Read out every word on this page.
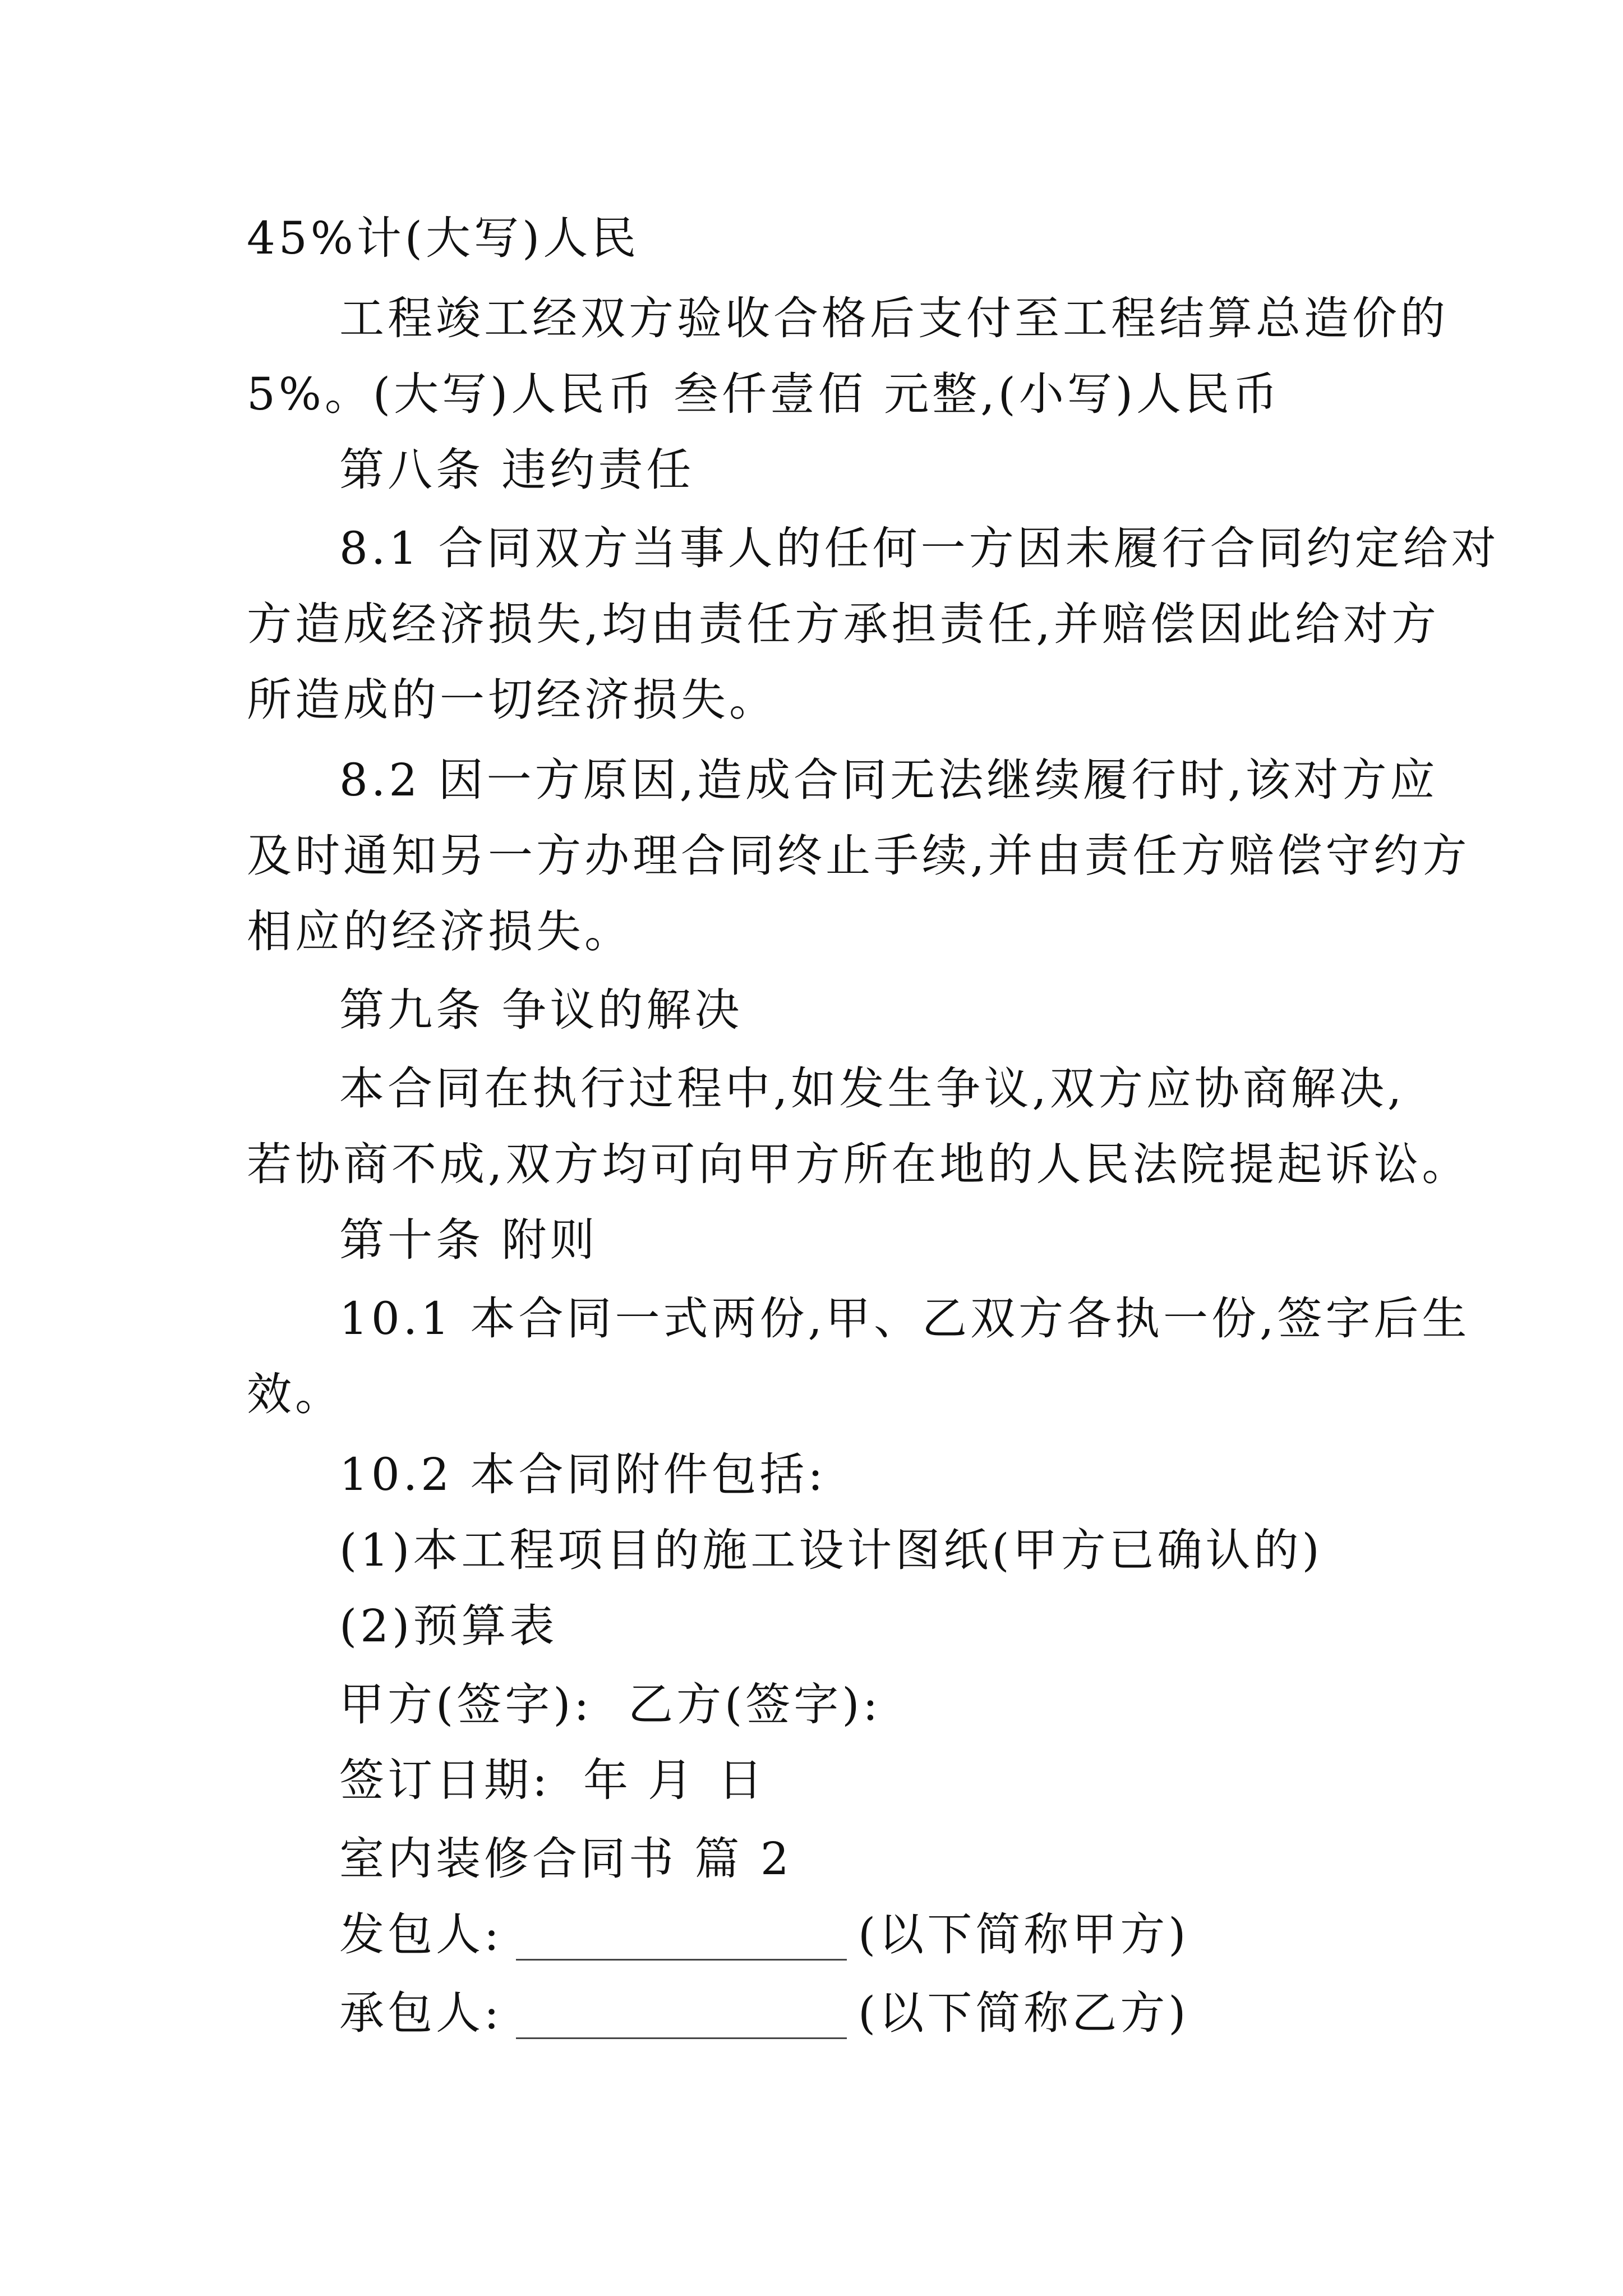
45%计(大写)人民
工程竣工经双方验收合格后支付至工程结算总造价的
5%。(大写)人民币 叁仟壹佰 元整,(小写)人民币
第八条 违约责任
8.1 合同双方当事人的任何一方因未履行合同约定给对
方造成经济损失,均由责任方承担责任,并赔偿因此给对方
所造成的一切经济损失。
8.2 因一方原因,造成合同无法继续履行时,该对方应
及时通知另一方办理合同终止手续,并由责任方赔偿守约方
相应的经济损失。
第九条 争议的解决
本合同在执行过程中,如发生争议,双方应协商解决,
若协商不成,双方均可向甲方所在地的人民法院提起诉讼。
第十条 附则
10.1 本合同一式两份,甲、乙双方各执一份,签字后生
效。
10.2 本合同附件包括:
(1)本工程项目的施工设计图纸(甲方已确认的)
(2)预算表
甲方(签字): 乙方(签字):
签订日期: 年 月 日
室内装修合同书 篇 2
发包人:	(以下简称甲方)
承包人:	(以下简称乙方)
